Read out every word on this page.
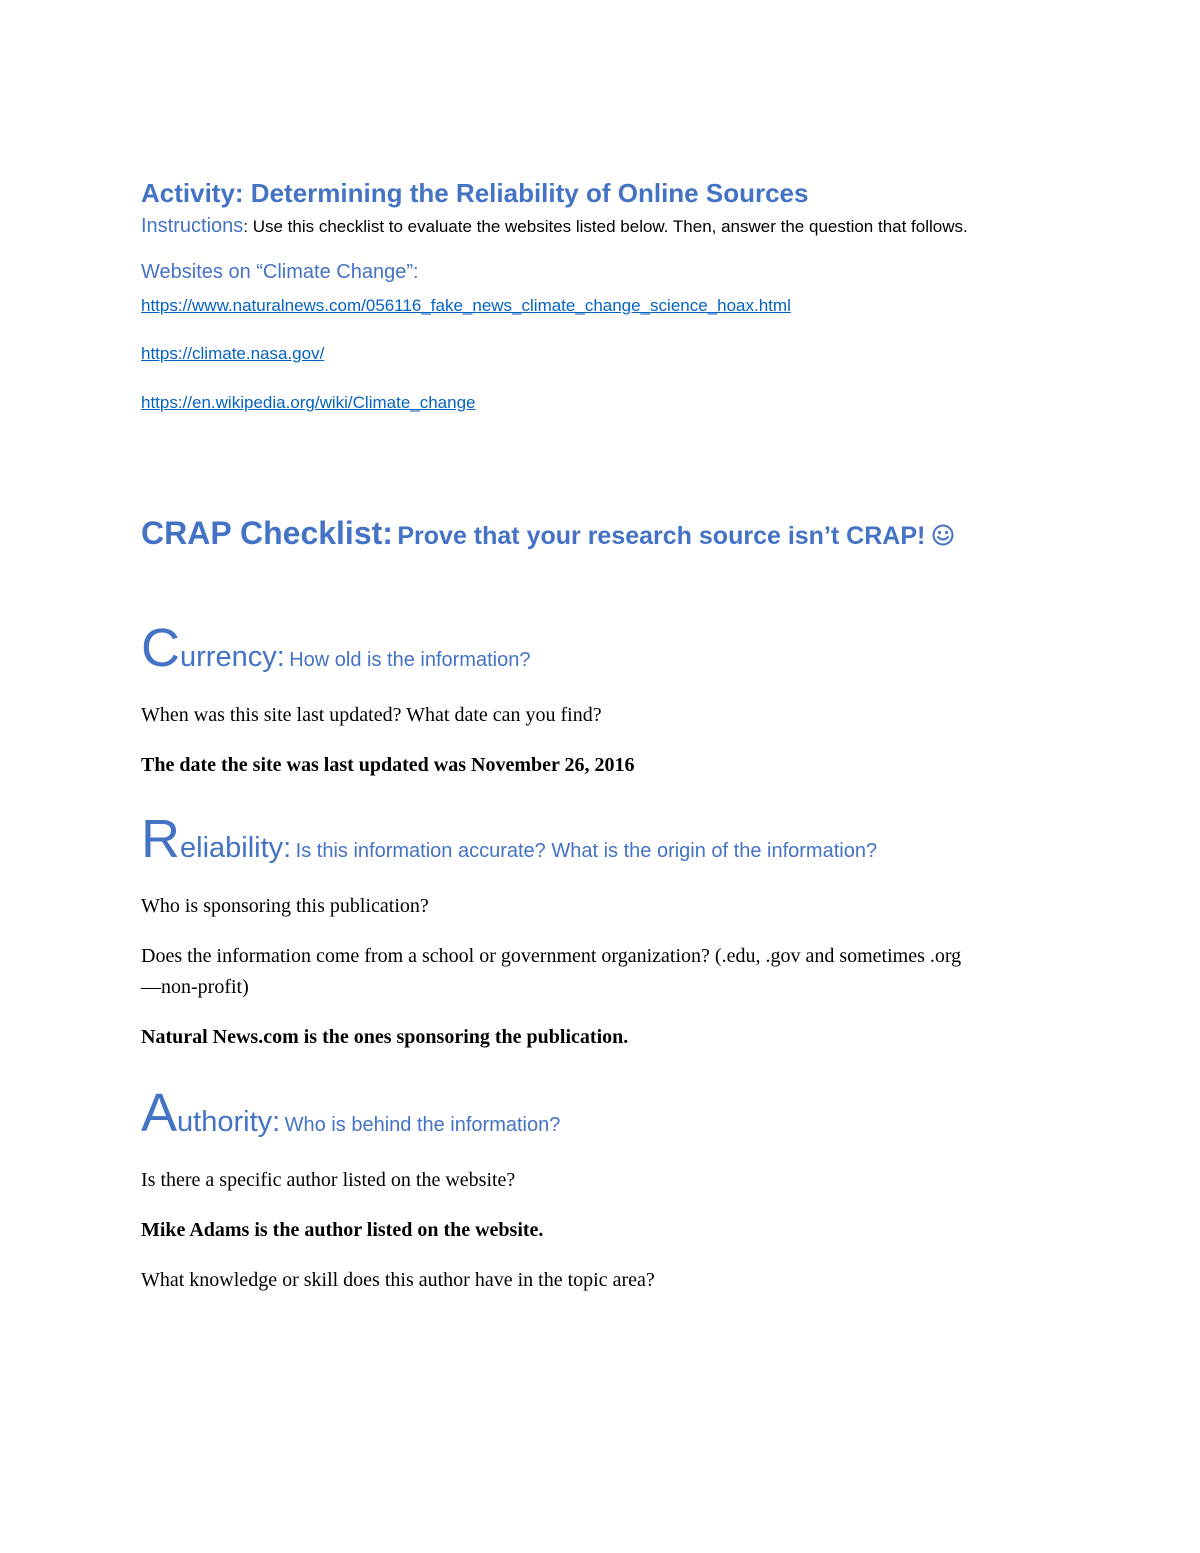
Activity: Determining the Reliability of Online Sources

Instructions: Use this checklist to evaluate the websites listed below. Then, answer the question that follows.

Websites on “Climate Change”:
https://www.naturalnews.com/056116_fake_news_climate_change_science_hoax.html
https://climate.nasa.gov/
https://en.wikipedia.org/wiki/Climate_change
CRAP Checklist: Prove that your research source isn’t CRAP!
Currency: How old is the information?

When was this site last updated? What date can you find?

The date the site was last updated was November 26, 2016

Reliability: Is this information accurate? What is the origin of the information?

Who is sponsoring this publication?

Does the information come from a school or government organization? (.edu, .gov and sometimes .org—non-profit)

Natural News.com is the ones sponsoring the publication.

Authority: Who is behind the information?

Is there a specific author listed on the website?

Mike Adams is the author listed on the website.

What knowledge or skill does this author have in the topic area?
